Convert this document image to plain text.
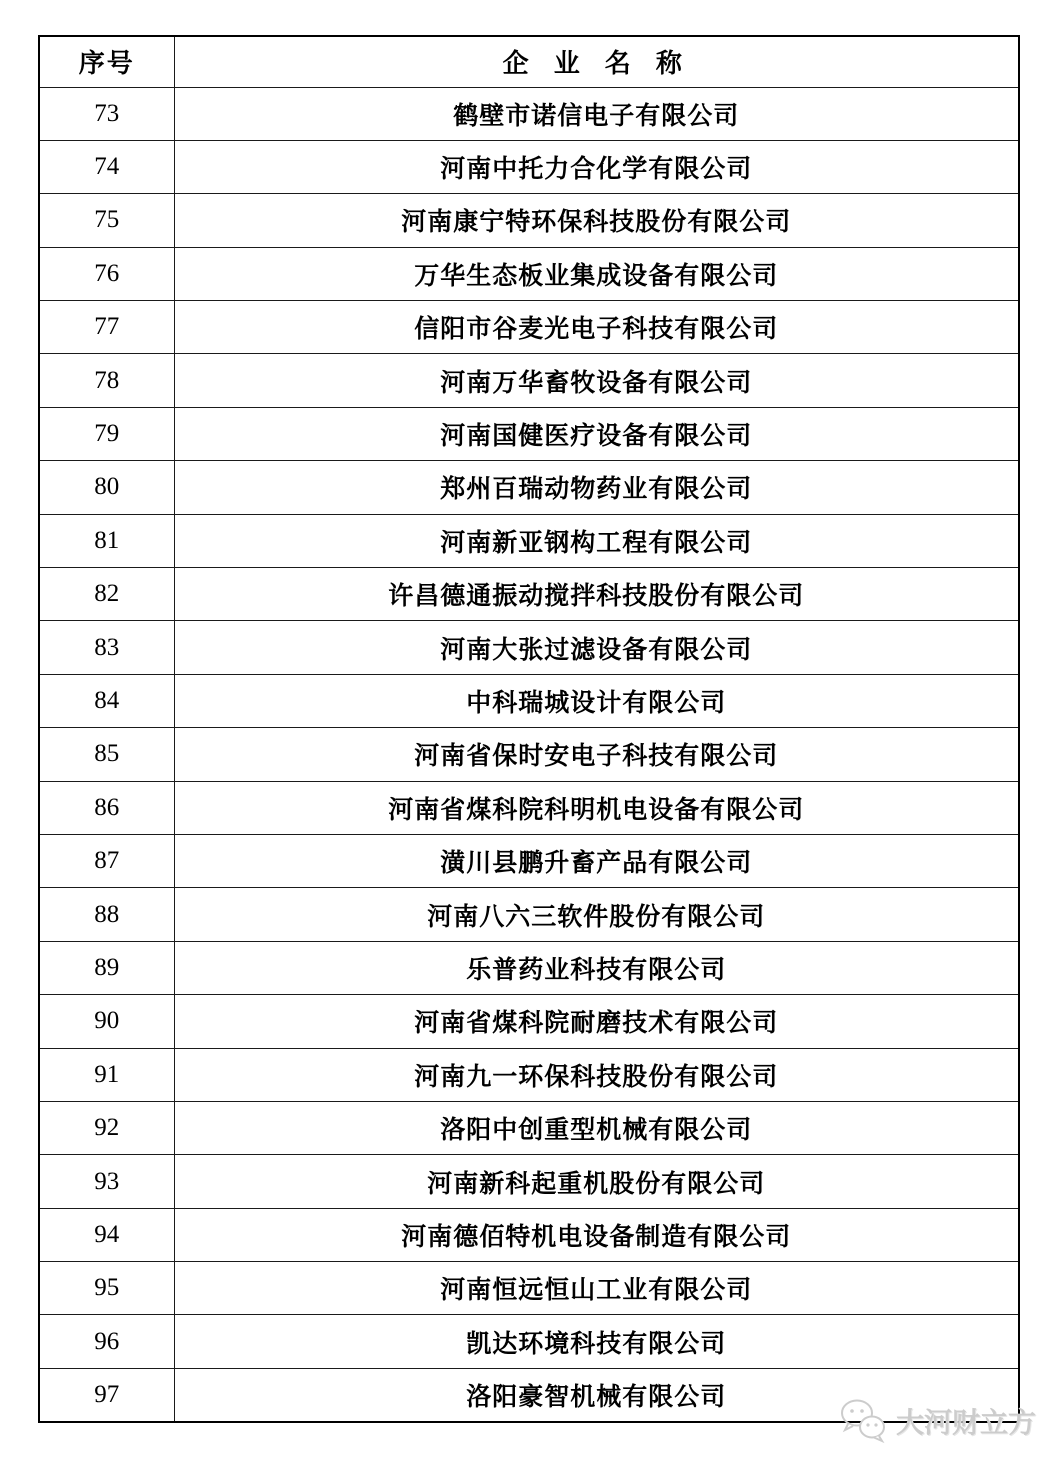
序号	企 业 名 称
73	鹤壁市诺信电子有限公司
74	河南中托力合化学有限公司
75	河南康宁特环保科技股份有限公司
76	万华生态板业集成设备有限公司
77	信阳市谷麦光电子科技有限公司
78	河南万华畜牧设备有限公司
79	河南国健医疗设备有限公司
80	郑州百瑞动物药业有限公司
81	河南新亚钢构工程有限公司
82	许昌德通振动搅拌科技股份有限公司
83	河南大张过滤设备有限公司
84	中科瑞城设计有限公司
85	河南省保时安电子科技有限公司
86	河南省煤科院科明机电设备有限公司
87	潢川县鹏升畜产品有限公司
88	河南八六三软件股份有限公司
89	乐普药业科技有限公司
90	河南省煤科院耐磨技术有限公司
91	河南九一环保科技股份有限公司
92	洛阳中创重型机械有限公司
93	河南新科起重机股份有限公司
94	河南德佰特机电设备制造有限公司
95	河南恒远恒山工业有限公司
96	凯达环境科技有限公司
97	洛阳豪智机械有限公司
大河财立方
